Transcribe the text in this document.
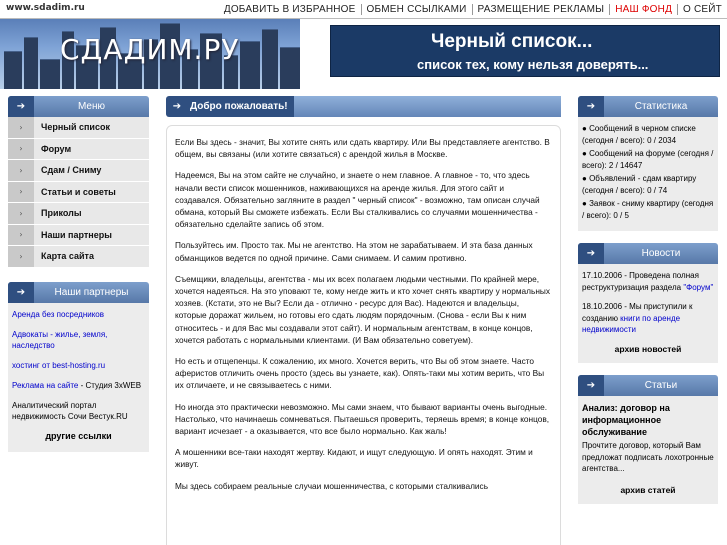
www.sdadim.ru	ДОБАВИТЬ В ИЗБРАННОЕ	ОБМЕН ССЫЛКАМИ	РАЗМЕЩЕНИЕ РЕКЛАМЫ	НАШ ФОНД	О СЕЙТ
СДАДИМ.РУ	Черный список...
список тех, кому нельзя доверять...
➔	Меню
›	Черный список
›	Форум
›	Сдам / Сниму
›	Статьи и советы
›	Приколы
›	Наши партнеры
›	Карта сайта
➔	Наши партнеры
Аренда без посредников
Адвокаты - жилье, земля, наследство
хостинг от best-hosting.ru
Реклама на сайте - Студия 3xWEB
Аналитический портал недвижимость Сочи Вестук.RU
другие ссылки
➔ Добро пожаловать!

Если Вы здесь - значит, Вы хотите снять или сдать квартиру. Или Вы представляете агентство. В общем, вы связаны (или хотите связаться) с арендой жилья в Москве.

Надеемся, Вы на этом сайте не случайно, и знаете о нем главное. А главное - то, что здесь начали вести список мошенников, наживающихся на аренде жилья. Для этого сайт и создавался. Обязательно загляните в раздел " черный список" - возможно, там описан случай обмана, который Вы сможете избежать. Если Вы сталкивались со случаями мошенничества - обязательно сделайте запись об этом.

Пользуйтесь им. Просто так. Мы не агентство. На этом не зарабатываем. И эта база данных обманщиков ведется по одной причине. Сами снимаем. И самим противно.

Съемщики, владельцы, агентства - мы их всех полагаем людьми честными. По крайней мере, хочется надеяться. На это уповают те, кому негде жить и кто хочет снять квартиру у нормальных хозяев. (Кстати, это не Вы? Если да - отлично - ресурс для Вас). Надеются и владельцы, которые доражат жильем, но готовы его сдать людям порядочным. (Снова - если Вы к ним относитесь - и для Вас мы создавали этот сайт). И нормальным агентствам, в конце концов, хочется работать с нормальными клиентами. (И Вам обязательно советуем).

Но есть и отщепенцы. К сожалению, их много. Хочется верить, что Вы об этом знаете. Часто аферистов отличить очень просто (здесь вы узнаете, как). Опять-таки мы хотим верить, что Вы их отличаете, и не связываетесь с ними.

Но иногда это практически невозможно. Мы сами знаем, что бывают варианты очень выгодные. Настолько, что начинаешь сомневаться. Пытаешься проверить, теряешь время; в конце концов, вариант исчезает - а оказывается, что все было нормально. Как жаль!

А мошенники все-таки находят жертву. Кидают, и ищут следующую. И опять находят. Этим и живут.

Мы здесь собираем реальные случаи мошенничества, с которыми сталкивались

➔	Статистика
● Сообщений в черном списке (сегодня / всего): 0 / 2034
● Сообщений на форуме (сегодня / всего): 2 / 14647
● Объявлений - сдам квартиру (сегодня / всего): 0 / 74
● Заявок - сниму квартиру (сегодня / всего): 0 / 5
➔	Новости
17.10.2006 - Проведена полная реструктуризация раздела "Форум"
18.10.2006 - Мы приступили к созданию книги по аренде недвижимости
архив новостей
➔	Статьи
Анализ: договор на информационное обслуживание
Прочтите договор, который Вам предложат подписать лохотронные агентства...
архив статей
